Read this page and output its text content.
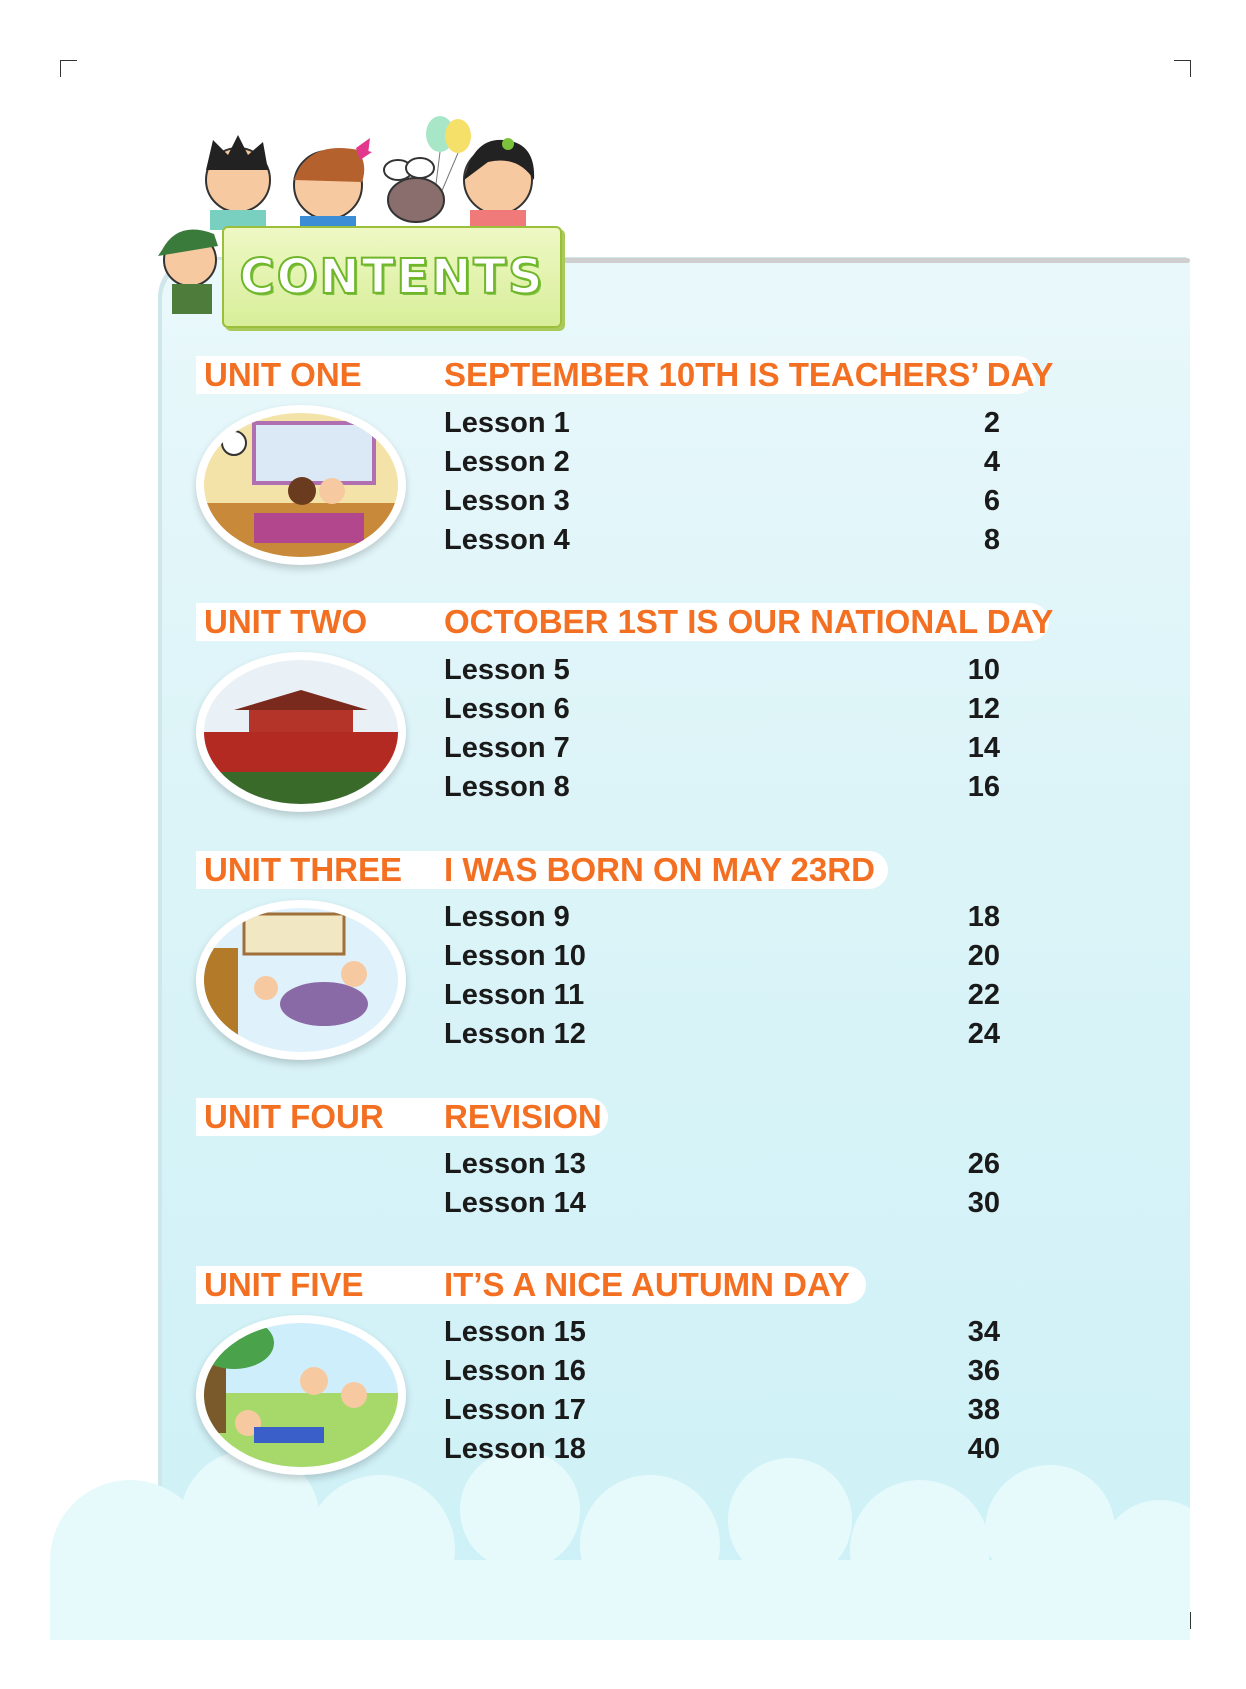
CONTENTS
UNIT ONE SEPTEMBER 10TH IS TEACHERS’ DAY
Lesson 1	2
Lesson 2	4
Lesson 3	6
Lesson 4	8
UNIT TWO OCTOBER 1ST IS OUR NATIONAL DAY
Lesson 5	10
Lesson 6	12
Lesson 7	14
Lesson 8	16
UNIT THREE I WAS BORN ON MAY 23RD
Lesson 9	18
Lesson 10	20
Lesson 11	22
Lesson 12	24
UNIT FOUR REVISION
Lesson 13	26
Lesson 14	30
UNIT FIVE IT’S A NICE AUTUMN DAY
Lesson 15	34
Lesson 16	36
Lesson 17	38
Lesson 18	40
